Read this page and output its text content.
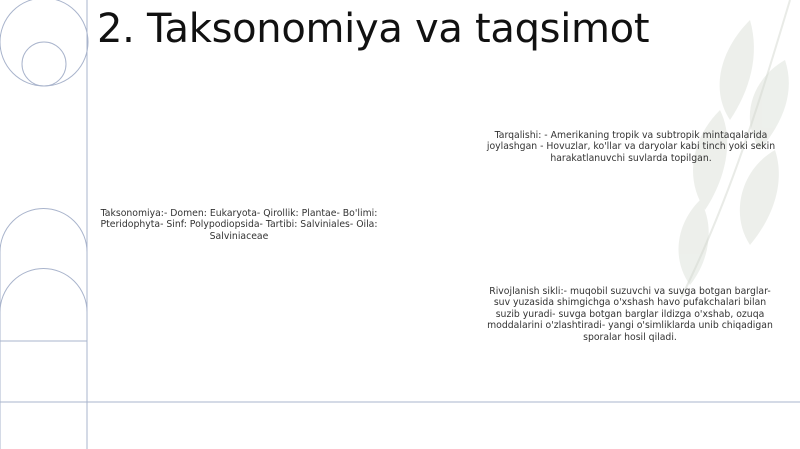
2. Taksonomiya va taqsimot

Taksonomiya:- Domen: Eukaryota- Qirollik: Plantae- Bo'limi: Pteridophyta- Sinf: Polypodiopsida- Tartibi: Salviniales- Oila: Salviniaceae

Tarqalishi: - Amerikaning tropik va subtropik mintaqalarida joylashgan - Hovuzlar, ko'llar va daryolar kabi tinch yoki sekin harakatlanuvchi suvlarda topilgan.

Rivojlanish sikli:- muqobil suzuvchi va suvga botgan barglar- suv yuzasida shimgichga o'xshash havo pufakchalari bilan suzib yuradi- suvga botgan barglar ildizga o'xshab, ozuqa moddalarini o'zlashtiradi- yangi o'simliklarda unib chiqadigan sporalar hosil qiladi.
